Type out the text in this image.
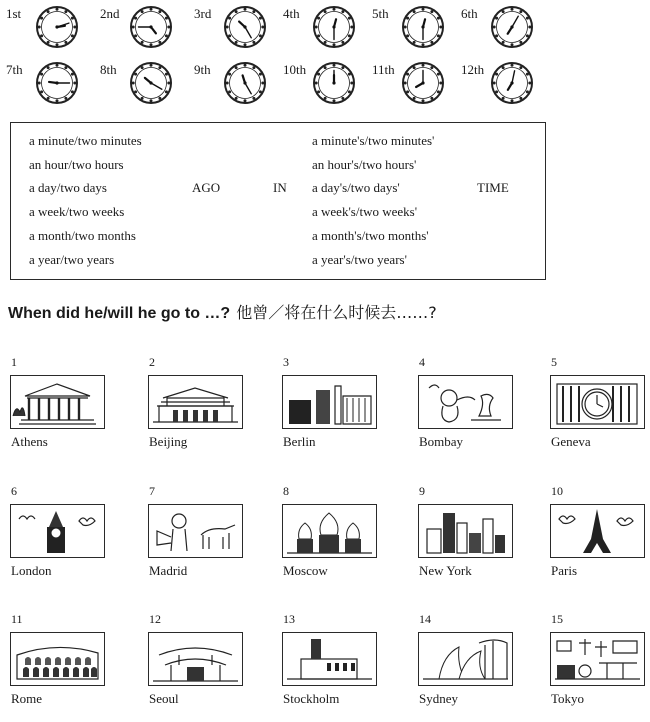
1st	2nd	3rd	4th	5th	6th
7th	8th	9th	10th	11th	12th
a minute/two minutes
an hour/two hours
a day/two days
a week/two weeks
a month/two months
a year/two years
AGO	IN
a minute's/two minutes'
an hour's/two hours'
a day's/two days'
a week's/two weeks'
a month's/two months'
a year's/two years'
TIME
When did he/will he go to …? 他曾／将在什么时候去……?
1
Athens
2
Beijing
3
Berlin
4
Bombay
5
Geneva
6
London
7
Madrid
8
Moscow
9
New York
10
Paris
11
Rome
12
Seoul
13
Stockholm
14
Sydney
15
Tokyo
